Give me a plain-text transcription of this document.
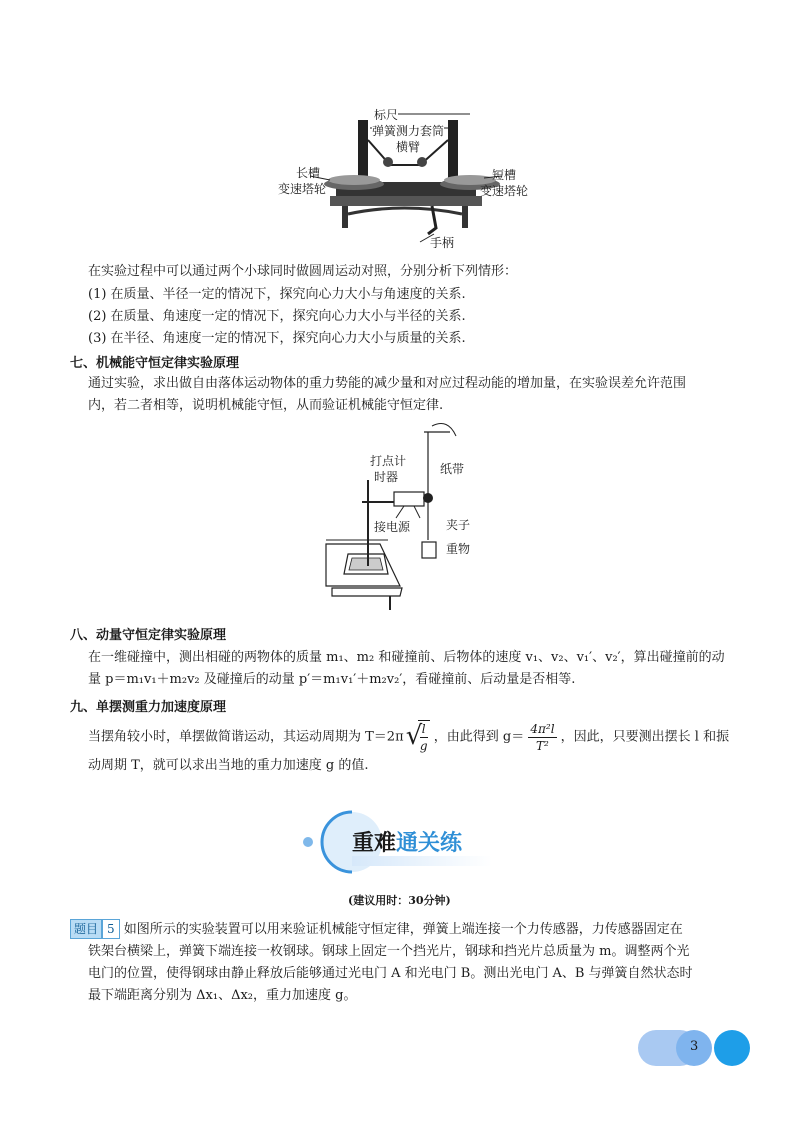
标尺
弹簧测力套筒
横臂
长槽
变速塔轮
短槽
变速塔轮
手柄
在实验过程中可以通过两个小球同时做圆周运动对照，分别分析下列情形：
(1) 在质量、半径一定的情况下，探究向心力大小与角速度的关系.
(2) 在质量、角速度一定的情况下，探究向心力大小与半径的关系.
(3) 在半径、角速度一定的情况下，探究向心力大小与质量的关系.
七、机械能守恒定律实验原理
通过实验，求出做自由落体运动物体的重力势能的减少量和对应过程动能的增加量，在实验误差允许范围
内，若二者相等，说明机械能守恒，从而验证机械能守恒定律.
打点计
时器
纸带
接电源	夹子
重物
八、动量守恒定律实验原理
在一维碰撞中，测出相碰的两物体的质量 m₁、m₂ 和碰撞前、后物体的速度 v₁、v₂、v₁′、v₂′，算出碰撞前的动
量 p＝m₁v₁＋m₂v₂ 及碰撞后的动量 p′＝m₁v₁′＋m₂v₂′，看碰撞前、后动量是否相等.
九、单摆测重力加速度原理
当摆角较小时，单摆做简谐运动，其运动周期为 T＝2π
√ $\frac{l}{g}$ ，由此得到 $g= \frac{\text{4π²l}}{\text{T²}}$ ，因此，只要测出摆长 l 和振
动周期 T，就可以求出当地的重力加速度 g 的值.
重难 通关练
(建议用时：30分钟)
题目 5 如图所示的实验装置可以用来验证机械能守恒定律，弹簧上端连接一个力传感器，力传感器固定在
铁架台横梁上，弹簧下端连接一枚钢球。钢球上固定一个挡光片，钢球和挡光片总质量为 m。调整两个光
电门的位置，使得钢球由静止释放后能够通过光电门 A 和光电门 B。测出光电门 A、B 与弹簧自然状态时
最下端距离分别为 Δx₁、Δx₂，重力加速度 g。
3
